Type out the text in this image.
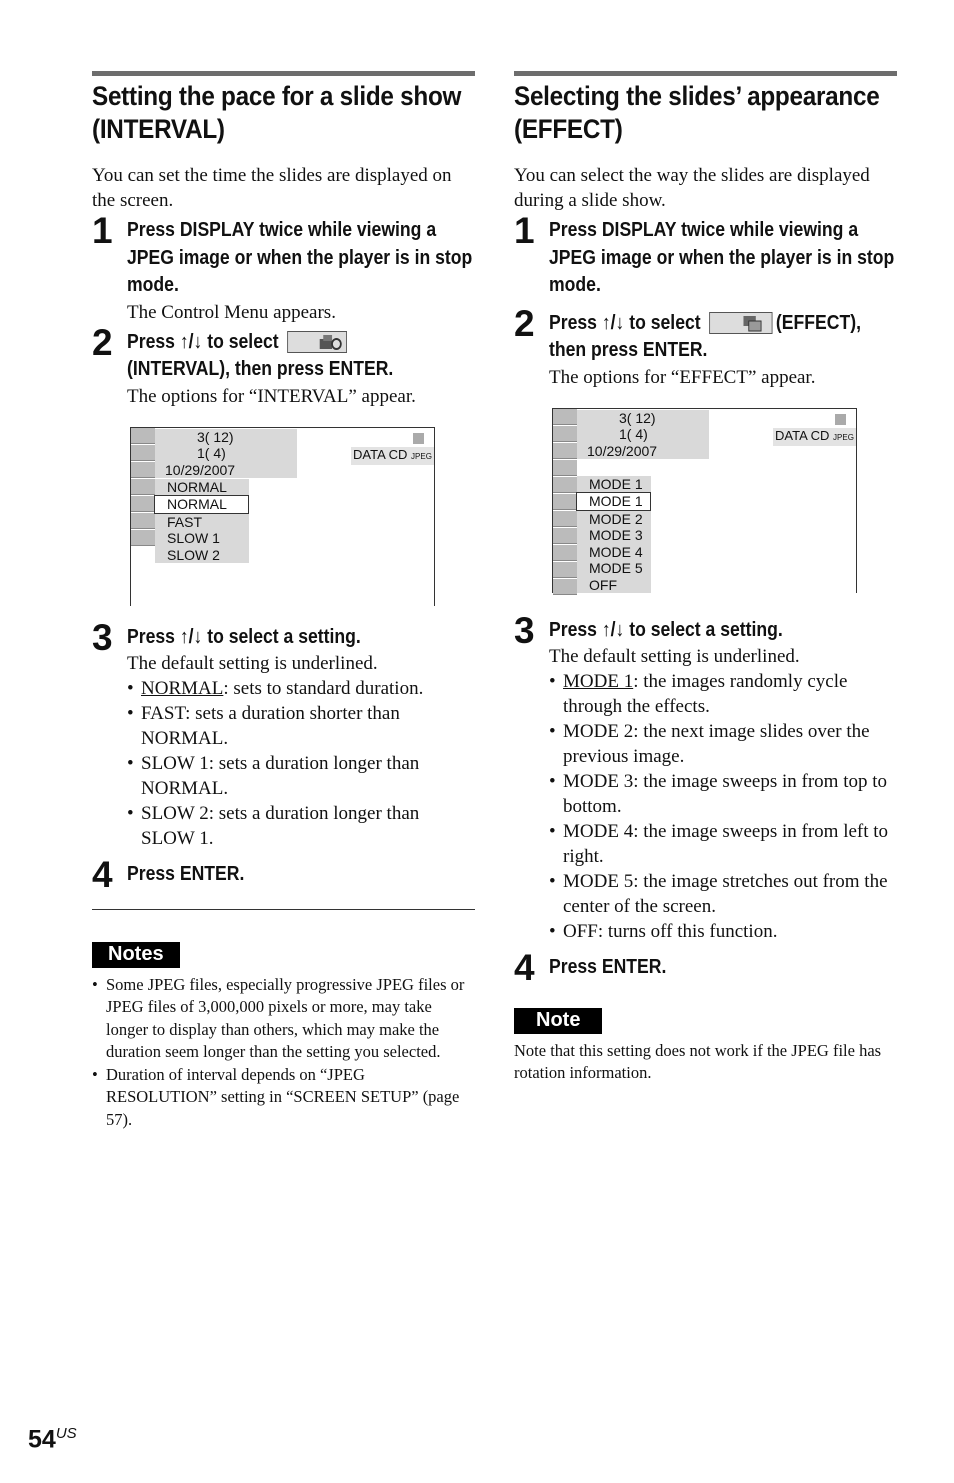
Setting the pace for a slide show
(INTERVAL)
You can set the time the slides are displayed on the screen.
1 Press DISPLAY twice while viewing a JPEG image or when the player is in stop mode.
The Control Menu appears.
2 Press ↑/↓ to select

(INTERVAL), then press ENTER.
The options for “INTERVAL” appear.
3( 12)
1( 4)
10/29/2007
DATA CD JPEG
NORMAL
NORMAL
FAST
SLOW 1
SLOW 2
3 Press ↑/↓ to select a setting.
The default setting is underlined.
• NORMAL: sets to standard duration.
• FAST: sets a duration shorter than NORMAL.
• SLOW 1: sets a duration longer than NORMAL.
• SLOW 2: sets a duration longer than SLOW 1.
4 Press ENTER.
Notes
• Some JPEG files, especially progressive JPEG files or JPEG files of 3,000,000 pixels or more, may take longer to display than others, which may make the duration seem longer than the setting you selected.
• Duration of interval depends on “JPEG RESOLUTION” setting in “SCREEN SETUP” (page 57).
Selecting the slides’ appearance
(EFFECT)
You can select the way the slides are displayed during a slide show.
1 Press DISPLAY twice while viewing a JPEG image or when the player is in stop mode.
2 Press ↑/↓ to select	(EFFECT), then press ENTER.
The options for “EFFECT” appear.
3( 12)
1( 4)
10/29/2007
DATA CD JPEG
MODE 1
MODE 1
MODE 2
MODE 3
MODE 4
MODE 5
OFF
3 Press ↑/↓ to select a setting.
The default setting is underlined.
• MODE 1: the images randomly cycle through the effects.
• MODE 2: the next image slides over the previous image.
• MODE 3: the image sweeps in from top to bottom.
• MODE 4: the image sweeps in from left to right.
• MODE 5: the image stretches out from the center of the screen.
• OFF: turns off this function.
4 Press ENTER.
Note
Note that this setting does not work if the JPEG file has rotation information.
$54^{US}$
